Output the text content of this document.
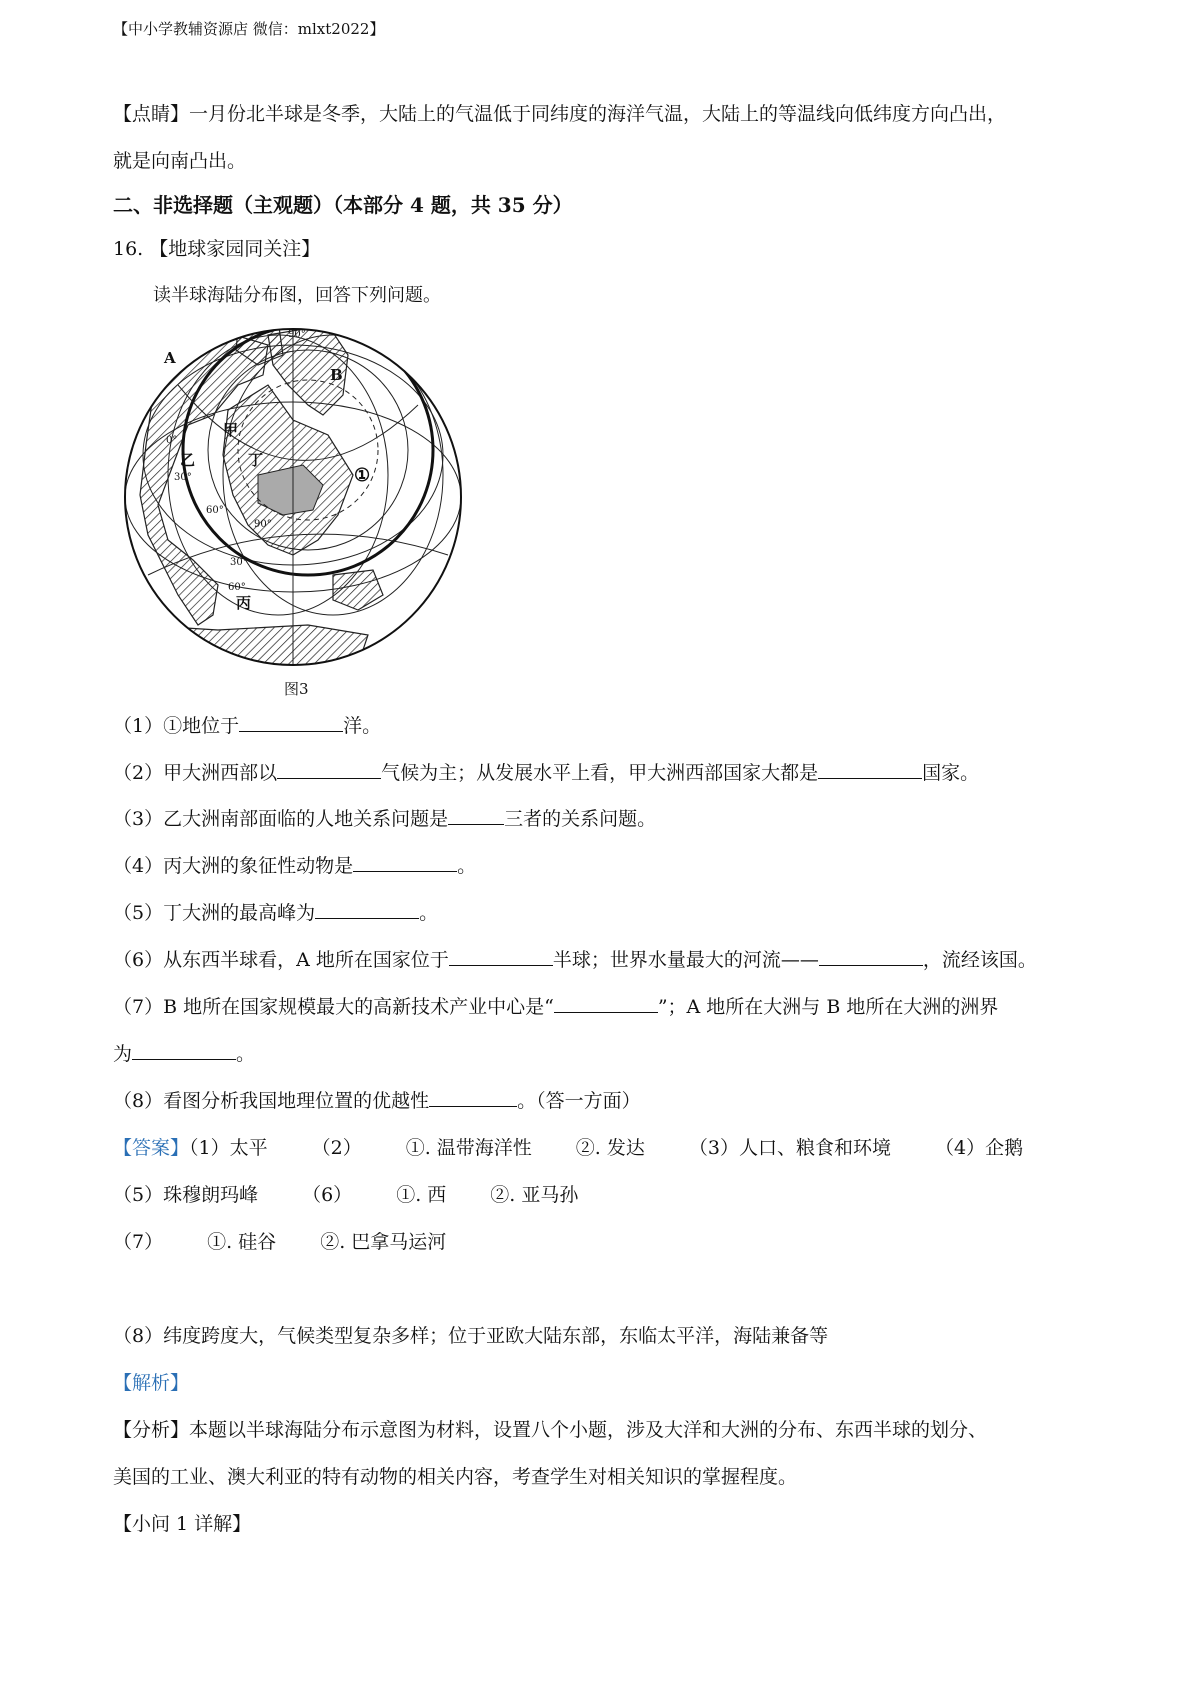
【中小学教辅资源店 微信：mlxt2022】
【点睛】一月份北半球是冬季，大陆上的气温低于同纬度的海洋气温，大陆上的等温线向低纬度方向凸出，
就是向南凸出。
二、非选择题（主观题）（本部分 4 题，共 35 分）
16. 【地球家园同关注】
读半球海陆分布图，回答下列问题。
A
B
甲
乙	丁
丙
①
90°
0°
30°
60°
90°
30°
60°
图3
（1）①地位于	洋。
（2）甲大洲西部以	气候为主；从发展水平上看，甲大洲西部国家大都是	国家。
（3）乙大洲南部面临的人地关系问题是	三者的关系问题。
（4）丙大洲的象征性动物是	。
（5）丁大洲的最高峰为	。
（6）从东西半球看，A 地所在国家位于	半球；世界水量最大的河流——	，流经该国。
（7）B 地所在国家规模最大的高新技术产业中心是“	”；A 地所在大洲与 B 地所在大洲的洲界
为	。
（8）看图分析我国地理位置的优越性	。（答一方面）
【答案】（1）太平 （2） ①. 温带海洋性 ②. 发达 （3）人口、粮食和环境 （4）企鹅
（5）珠穆朗玛峰 （6） ①. 西 ②. 亚马孙
（7） ①. 硅谷 ②. 巴拿马运河
（8）纬度跨度大，气候类型复杂多样；位于亚欧大陆东部，东临太平洋，海陆兼备等
【解析】
【分析】本题以半球海陆分布示意图为材料，设置八个小题，涉及大洋和大洲的分布、东西半球的划分、
美国的工业、澳大利亚的特有动物的相关内容，考查学生对相关知识的掌握程度。
【小问 1 详解】
